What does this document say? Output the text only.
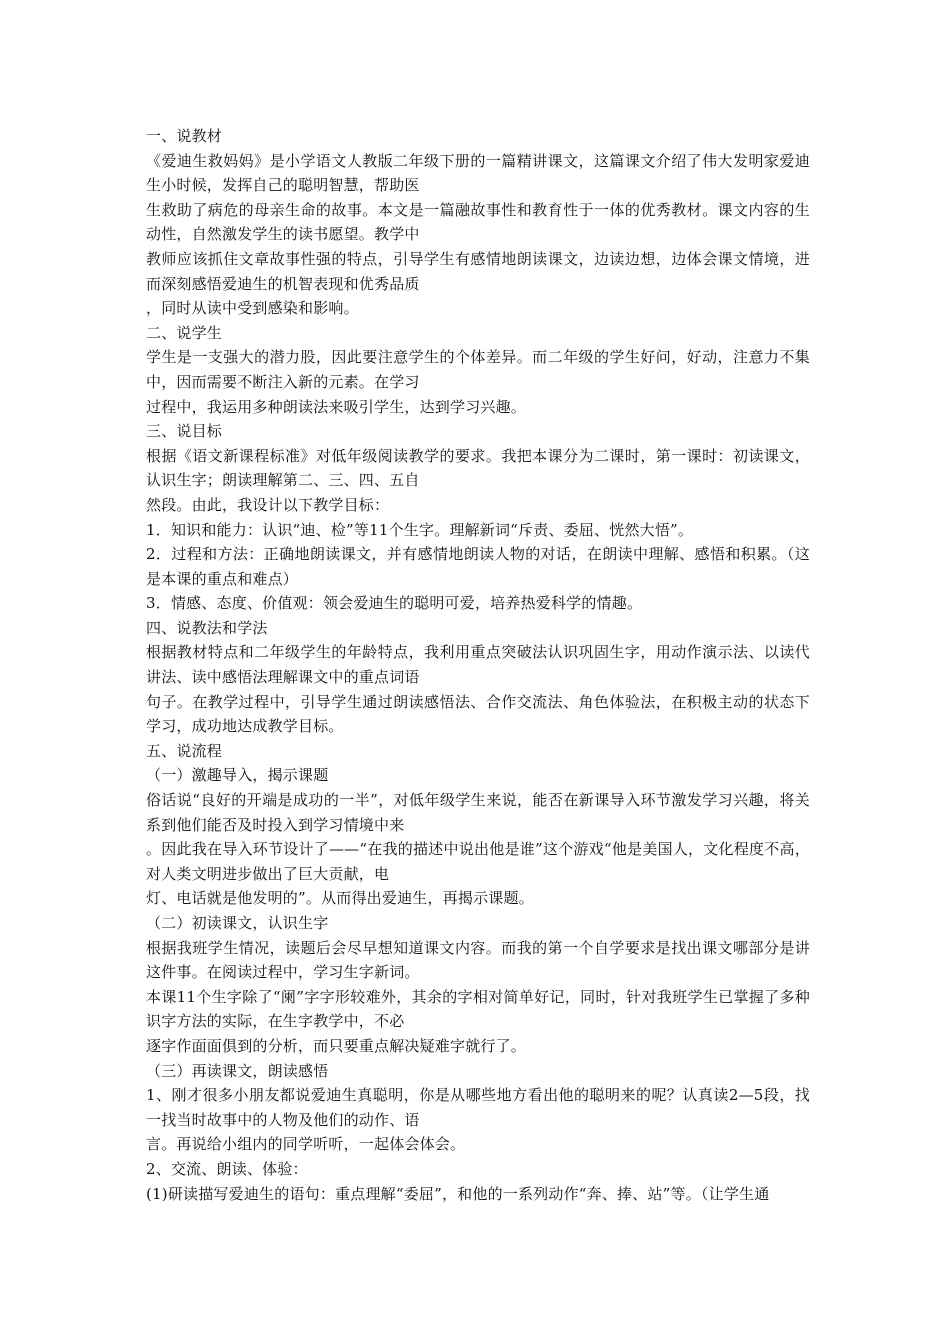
一、说教材

《爱迪生救妈妈》是小学语文人教版二年级下册的一篇精讲课文，这篇课文介绍了伟大发明家爱迪生小时候，发挥自己的聪明智慧，帮助医

生救助了病危的母亲生命的故事。本文是一篇融故事性和教育性于一体的优秀教材。课文内容的生动性，自然激发学生的读书愿望。教学中

教师应该抓住文章故事性强的特点，引导学生有感情地朗读课文，边读边想，边体会课文情境，进而深刻感悟爱迪生的机智表现和优秀品质

，同时从读中受到感染和影响。

二、说学生

学生是一支强大的潜力股，因此要注意学生的个体差异。而二年级的学生好问，好动，注意力不集中，因而需要不断注入新的元素。在学习

过程中，我运用多种朗读法来吸引学生，达到学习兴趣。

三、说目标

根据《语文新课程标准》对低年级阅读教学的要求。我把本课分为二课时，第一课时：初读课文，认识生字；朗读理解第二、三、四、五自

然段。由此，我设计以下教学目标：

1．知识和能力：认识“迪、检”等11个生字。理解新词“斥责、委屈、恍然大悟”。

2．过程和方法：正确地朗读课文，并有感情地朗读人物的对话，在朗读中理解、感悟和积累。（这是本课的重点和难点）

3．情感、态度、价值观：领会爱迪生的聪明可爱，培养热爱科学的情趣。

四、说教法和学法

根据教材特点和二年级学生的年龄特点，我利用重点突破法认识巩固生字，用动作演示法、以读代讲法、读中感悟法理解课文中的重点词语

句子。在教学过程中，引导学生通过朗读感悟法、合作交流法、角色体验法，在积极主动的状态下学习，成功地达成教学目标。

五、说流程

（一）激趣导入，揭示课题

俗话说“良好的开端是成功的一半”，对低年级学生来说，能否在新课导入环节激发学习兴趣，将关系到他们能否及时投入到学习情境中来

。因此我在导入环节设计了——“在我的描述中说出他是谁”这个游戏“他是美国人，文化程度不高，对人类文明进步做出了巨大贡献，电

灯、电话就是他发明的”。从而得出爱迪生，再揭示课题。

（二）初读课文，认识生字

根据我班学生情况，读题后会尽早想知道课文内容。而我的第一个自学要求是找出课文哪部分是讲这件事。在阅读过程中，学习生字新词。

本课11个生字除了“阑”字字形较难外，其余的字相对简单好记，同时，针对我班学生已掌握了多种识字方法的实际，在生字教学中，不必

逐字作面面俱到的分析，而只要重点解决疑难字就行了。

（三）再读课文，朗读感悟

1、刚才很多小朋友都说爱迪生真聪明，你是从哪些地方看出他的聪明来的呢？认真读2—5段，找一找当时故事中的人物及他们的动作、语

言。再说给小组内的同学听听，一起体会体会。

2、交流、朗读、体验：

(1)研读描写爱迪生的语句：重点理解“委屈”，和他的一系列动作“奔、捧、站”等。（让学生通
